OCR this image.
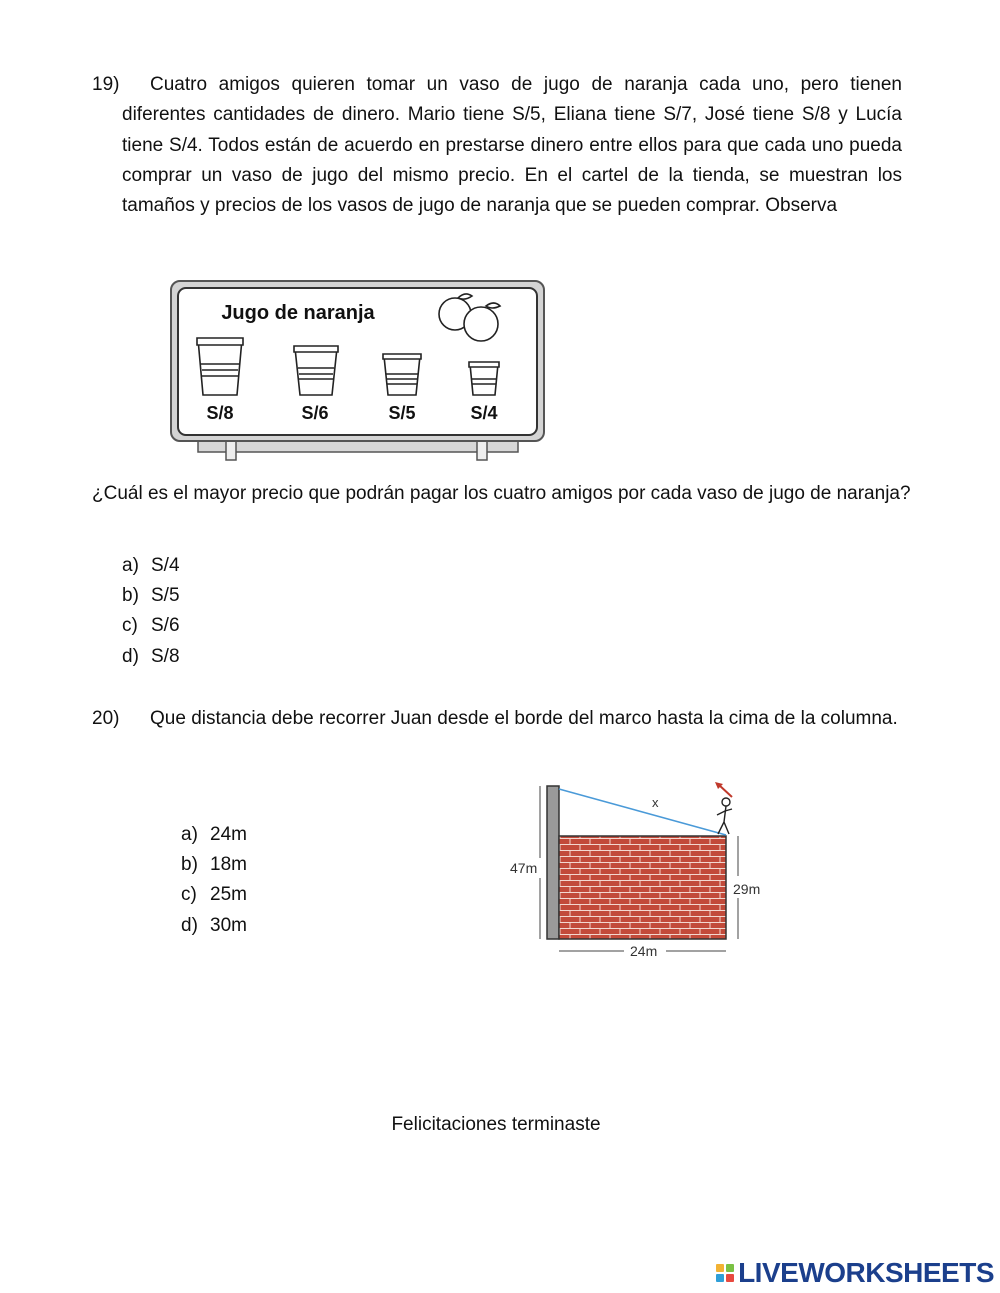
19)	Cuatro amigos quieren tomar un vaso de jugo de naranja cada uno, pero tienen diferentes cantidades de dinero. Mario tiene S/5, Eliana tiene S/7, José tiene S/8 y Lucía tiene S/4. Todos están de acuerdo en prestarse dinero entre ellos para que cada uno pueda comprar un vaso de jugo del mismo precio. En el cartel de la tienda, se muestran los tamaños y precios de los vasos de jugo de naranja que se pueden comprar. Observa
Jugo de naranja
S/8	S/6	S/5	S/4
¿Cuál es el mayor precio que podrán pagar los cuatro amigos por cada vaso de jugo de naranja?
a) S/4
b) S/5
c) S/6
d) S/8
20)	Que distancia debe recorrer Juan desde el borde del marco hasta la cima de la columna.
a) 24m
b) 18m
c) 25m
d) 30m
x
47m
29m
24m
Felicitaciones terminaste
LIVEWORKSHEETS
